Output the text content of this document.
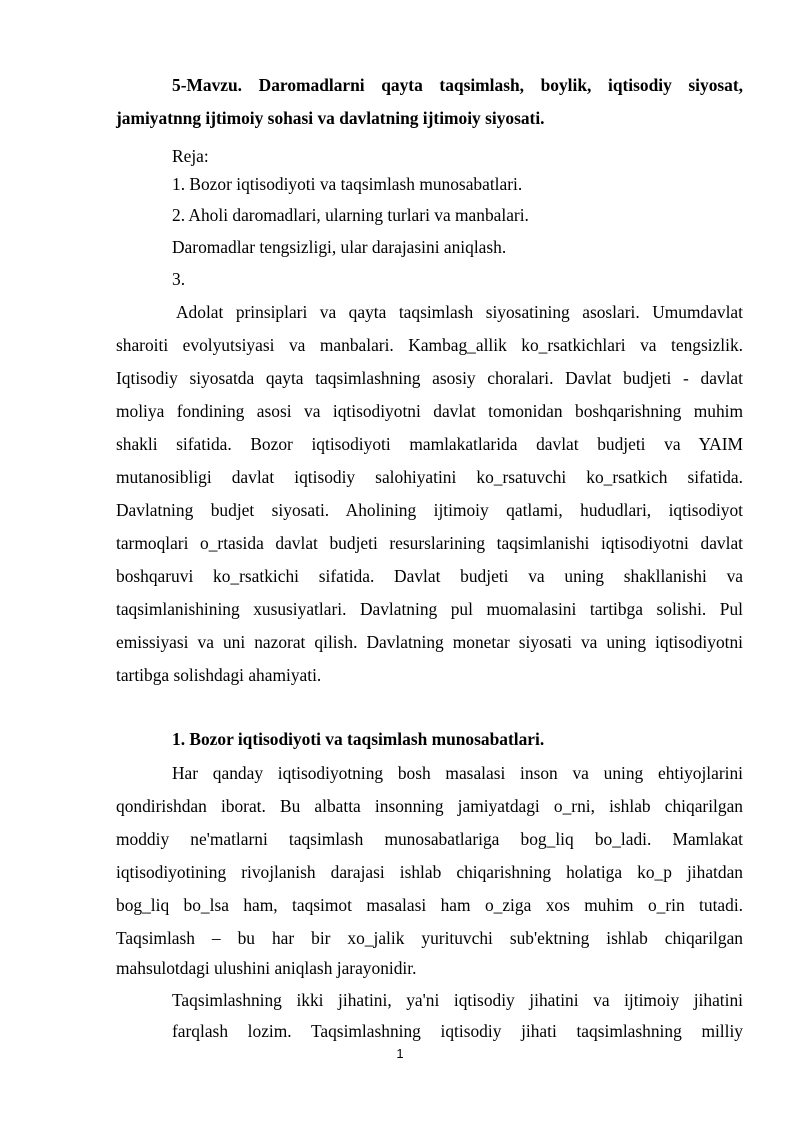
5-Mavzu. Daromadlarni qayta taqsimlash, boylik, iqtisodiy siyosat,
jamiyatnng ijtimoiy sohasi va davlatning ijtimoiy siyosati.
Reja:
1. Bozor iqtisodiyoti va taqsimlash munosabatlari.
2. Aholi daromadlari, ularning turlari va manbalari.
Daromadlar tengsizligi, ular darajasini aniqlash.
3.
Adolat prinsiplari va qayta taqsimlash siyosatining asoslari. Umumdavlat
sharoiti evolyutsiyasi va manbalari. Kambag_allik ko_rsatkichlari va tengsizlik.
Iqtisodiy siyosatda qayta taqsimlashning asosiy choralari. Davlat budjeti - davlat
moliya fondining asosi va iqtisodiyotni davlat tomonidan boshqarishning muhim
shakli sifatida. Bozor iqtisodiyoti mamlakatlarida davlat budjeti va YAIM
mutanosibligi davlat iqtisodiy salohiyatini ko_rsatuvchi ko_rsatkich sifatida.
Davlatning budjet siyosati. Aholining ijtimoiy qatlami, hududlari, iqtisodiyot
tarmoqlari o_rtasida davlat budjeti resurslarining taqsimlanishi iqtisodiyotni davlat
boshqaruvi ko_rsatkichi sifatida. Davlat budjeti va uning shakllanishi va
taqsimlanishining xususiyatlari. Davlatning pul muomalasini tartibga solishi. Pul
emissiyasi va uni nazorat qilish. Davlatning monetar siyosati va uning iqtisodiyotni
tartibga solishdagi ahamiyati.
1. Bozor iqtisodiyoti va taqsimlash munosabatlari.
Har qanday iqtisodiyotning bosh masalasi inson va uning ehtiyojlarini
qondirishdan iborat. Bu albatta insonning jamiyatdagi o_rni, ishlab chiqarilgan
moddiy ne'matlarni taqsimlash munosabatlariga bog_liq bo_ladi. Mamlakat
iqtisodiyotining rivojlanish darajasi ishlab chiqarishning holatiga ko_p jihatdan
bog_liq bo_lsa ham, taqsimot masalasi ham o_ziga xos muhim o_rin tutadi.
Taqsimlash – bu har bir xo_jalik yurituvchi sub'ektning ishlab chiqarilgan
mahsulotdagi ulushini aniqlash jarayonidir.
Taqsimlashning ikki jihatini, ya'ni iqtisodiy jihatini va ijtimoiy jihatini
farqlash lozim. Taqsimlashning iqtisodiy jihati taqsimlashning milliy
1
